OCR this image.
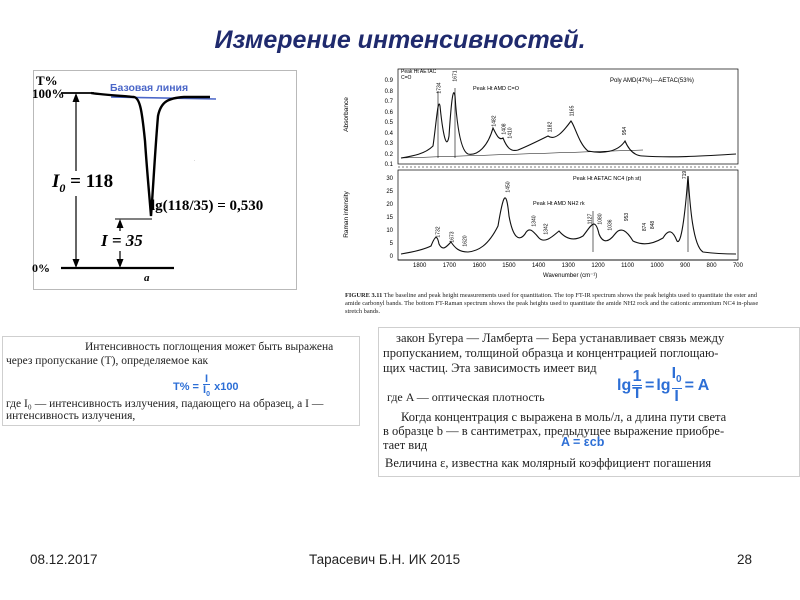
Измерение интенсивностей.
.
T%
100%	Базовая линия
$I_0 = 118$
I = 35
lg(118/35) = 0,530
0%
а
0.9
0.8
0.7
0.6
0.5
0.4
0.3
0.2
0.1
Absorbance
Poly AMD(47%)—AETAC(53%)
Peak Ht AETAC C=O
Peak Ht AMD C=O
1734
1671
1482
1408 1410
1182
1165
954
30
25
20
15
10
5
0
Raman intensity
Peak Ht AETAC NC4 (ph st)
Peak Ht AMD NH2 rk
1732 1673 1620
1450
1340
1342
1127 1080
1036
953
874 848
719
1800	1700	1600	1500	1400	1300	1200	1100	1000	900	800	700
Wavenumber (cm⁻¹)
FIGURE 3.11 The baseline and peak height measurements used for quantitation. The top FT-IR spectrum shows the peak heights used to quantitate the ester and amide carbonyl bands. The bottom FT-Raman spectrum shows the peak heights used to quantitate the amide NH2 rock and the cationic ammonium NC4 in-phase stretch bands.
Интенсивность поглощения может быть выражена
через пропускание (T), определяемое как
$T\% = \frac{I}{I_0} x100$
где I₀ — интенсивность излучения, падающего на образец, а I —
интенсивность излучения,
закон Бугера — Ламберта — Бера устанавливает связь между
пропусканием, толщиной образца и концентрацией поглощаю-
щих частиц. Эта зависимость имеет вид
$\lg \frac{1}{T} = \lg \frac{I_0}{I} = A$
где A — оптическая плотность
Когда концентрация c выражена в моль/л, а длина пути света
в образце b — в сантиметрах, предыдущее выражение приобре-
тает вид	A = εcb
Величина ε, известна как молярный коэффициент погашения
08.12.2017	Тарасевич Б.Н. ИК 2015	28
